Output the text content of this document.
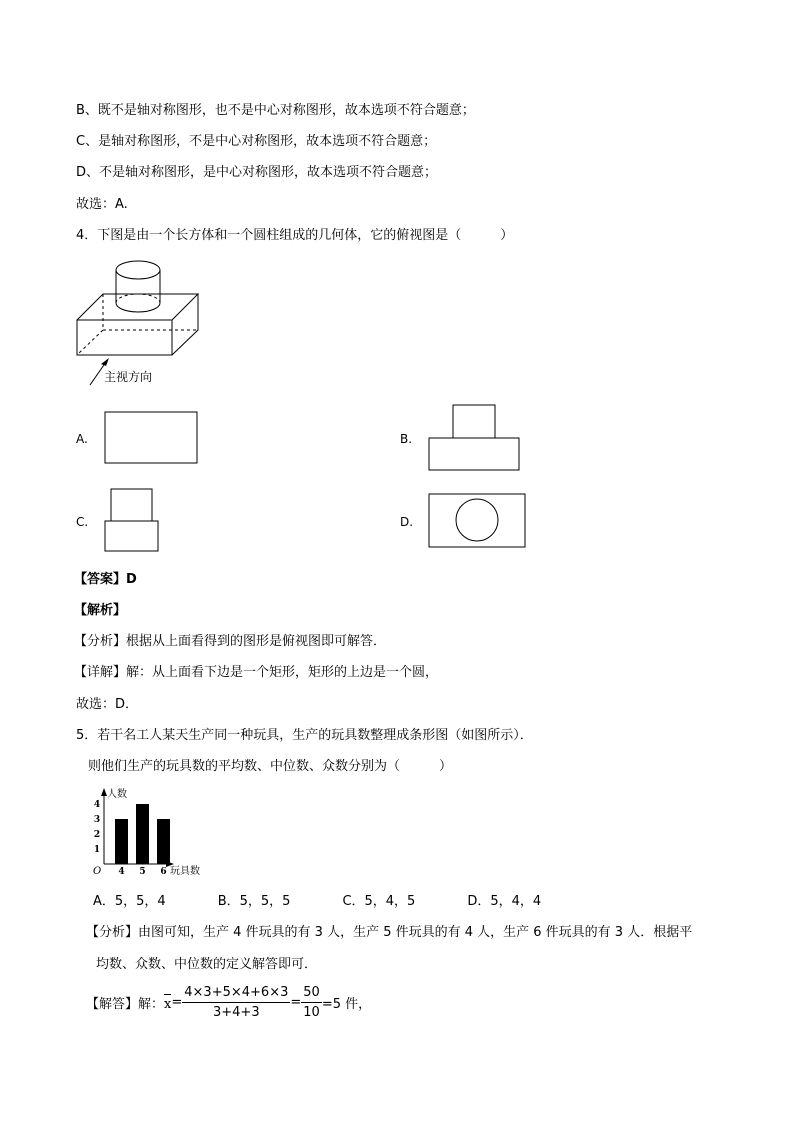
B、既不是轴对称图形，也不是中心对称图形，故本选项不符合题意；
C、是轴对称图形，不是中心对称图形，故本选项不符合题意；
D、不是轴对称图形，是中心对称图形，故本选项不符合题意；
故选：A.
4．下图是由一个长方体和一个圆柱组成的几何体，它的俯视图是（　　　）
主视方向
A.	B.
C.	D.
【答案】D
【解析】
【分析】根据从上面看得到的图形是俯视图即可解答．
【详解】解：从上面看下边是一个矩形，矩形的上边是一个圆，
故选：D．
5．若干名工人某天生产同一种玩具，生产的玩具数整理成条形图（如图所示）．
则他们生产的玩具数的平均数、中位数、众数分别为（　　　）
4 5 6
1
2
3
4
人数
玩具数
O
A．5，5，4　　　　B．5，5，5　　　　C．5，4，5　　　　D．5，4，4
【分析】由图可知，生产 4 件玩具的有 3 人，生产 5 件玩具的有 4 人，生产 6 件玩具的有 3 人．根据平
均数、众数、中位数的定义解答即可．
【解答】解： $x = \frac{4\times 3+5\times 4+6\times 3}{3+4+3} = \frac{50}{10} =5$ 件，
